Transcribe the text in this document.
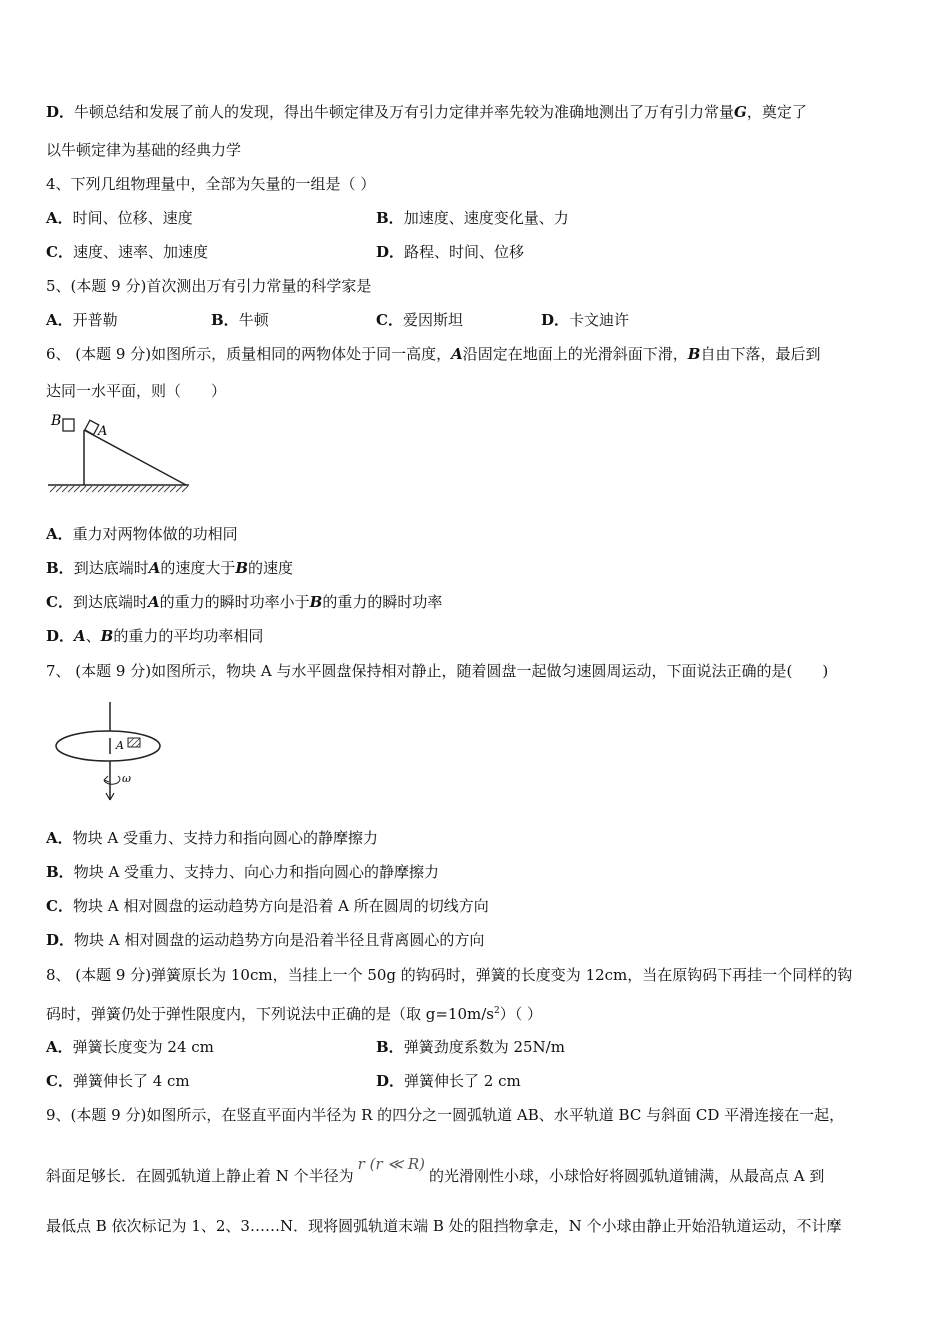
D．牛顿总结和发展了前人的发现，得出牛顿定律及万有引力定律并率先较为准确地测出了万有引力常量G，奠定了
以牛顿定律为基础的经典力学
4、下列几组物理量中，全部为矢量的一组是（ ）
A．时间、位移、速度	B．加速度、速度变化量、力
C．速度、速率、加速度	D．路程、时间、位移
5、(本题 9 分)首次测出万有引力常量的科学家是
A．开普勒	B．牛顿	C．爱因斯坦	D．卡文迪许
6、 (本题 9 分)如图所示，质量相同的两物体处于同一高度，A沿固定在地面上的光滑斜面下滑，B自由下落，最后到
达同一水平面，则（　　）
B
A
A．重力对两物体做的功相同
B．到达底端时A的速度大于B的速度
C．到达底端时A的重力的瞬时功率小于B的重力的瞬时功率
D．A、B的重力的平均功率相同
7、 (本题 9 分)如图所示，物块 A 与水平圆盘保持相对静止，随着圆盘一起做匀速圆周运动，下面说法正确的是(　　)
A
ω
A．物块 A 受重力、支持力和指向圆心的静摩擦力
B．物块 A 受重力、支持力、向心力和指向圆心的静摩擦力
C．物块 A 相对圆盘的运动趋势方向是沿着 A 所在圆周的切线方向
D．物块 A 相对圆盘的运动趋势方向是沿着半径且背离圆心的方向
8、 (本题 9 分)弹簧原长为 10cm，当挂上一个 50g 的钩码时，弹簧的长度变为 12cm，当在原钩码下再挂一个同样的钩
码时，弹簧仍处于弹性限度内，下列说法中正确的是（取 $g=10m/s^2$）（ ）
A．弹簧长度变为 24 cm	B．弹簧劲度系数为 25N/m
C．弹簧伸长了 4 cm	D．弹簧伸长了 2 cm
9、(本题 9 分)如图所示，在竖直平面内半径为 R 的四分之一圆弧轨道 AB、水平轨道 BC 与斜面 CD 平滑连接在一起，
斜面足够长．在圆弧轨道上静止着 N 个半径为r (r ≪ R)的光滑刚性小球，小球恰好将圆弧轨道铺满，从最高点 A 到
最低点 B 依次标记为 1、2、3……N．现将圆弧轨道末端 B 处的阻挡物拿走，N 个小球由静止开始沿轨道运动，不计摩
